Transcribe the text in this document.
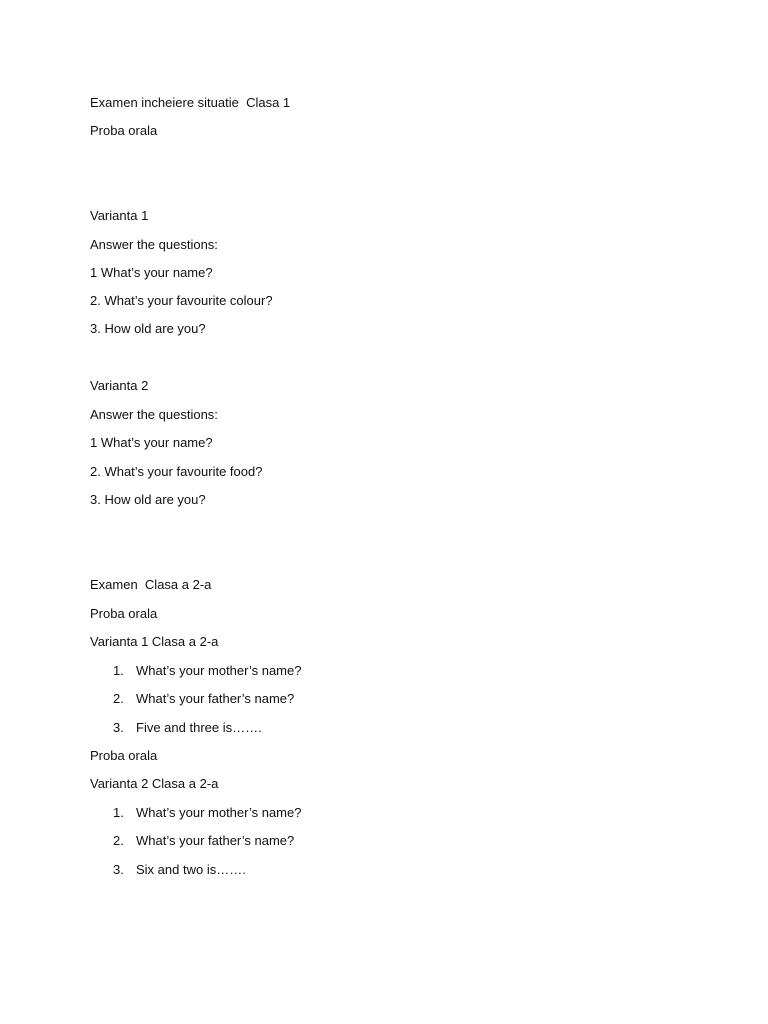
Examen incheiere situatie  Clasa 1
Proba orala
Varianta 1
Answer the questions:
1 What’s your name?
2. What’s your favourite colour?
3. How old are you?
Varianta 2
Answer the questions:
1 What’s your name?
2. What’s your favourite food?
3. How old are you?
Examen  Clasa a 2-a
Proba orala
Varianta 1 Clasa a 2-a
1. What’s your mother’s name?
2. What’s your father’s name?
3. Five and three is…….
Proba orala
Varianta 2 Clasa a 2-a
1. What’s your mother’s name?
2. What’s your father’s name?
3. Six and two is…….
